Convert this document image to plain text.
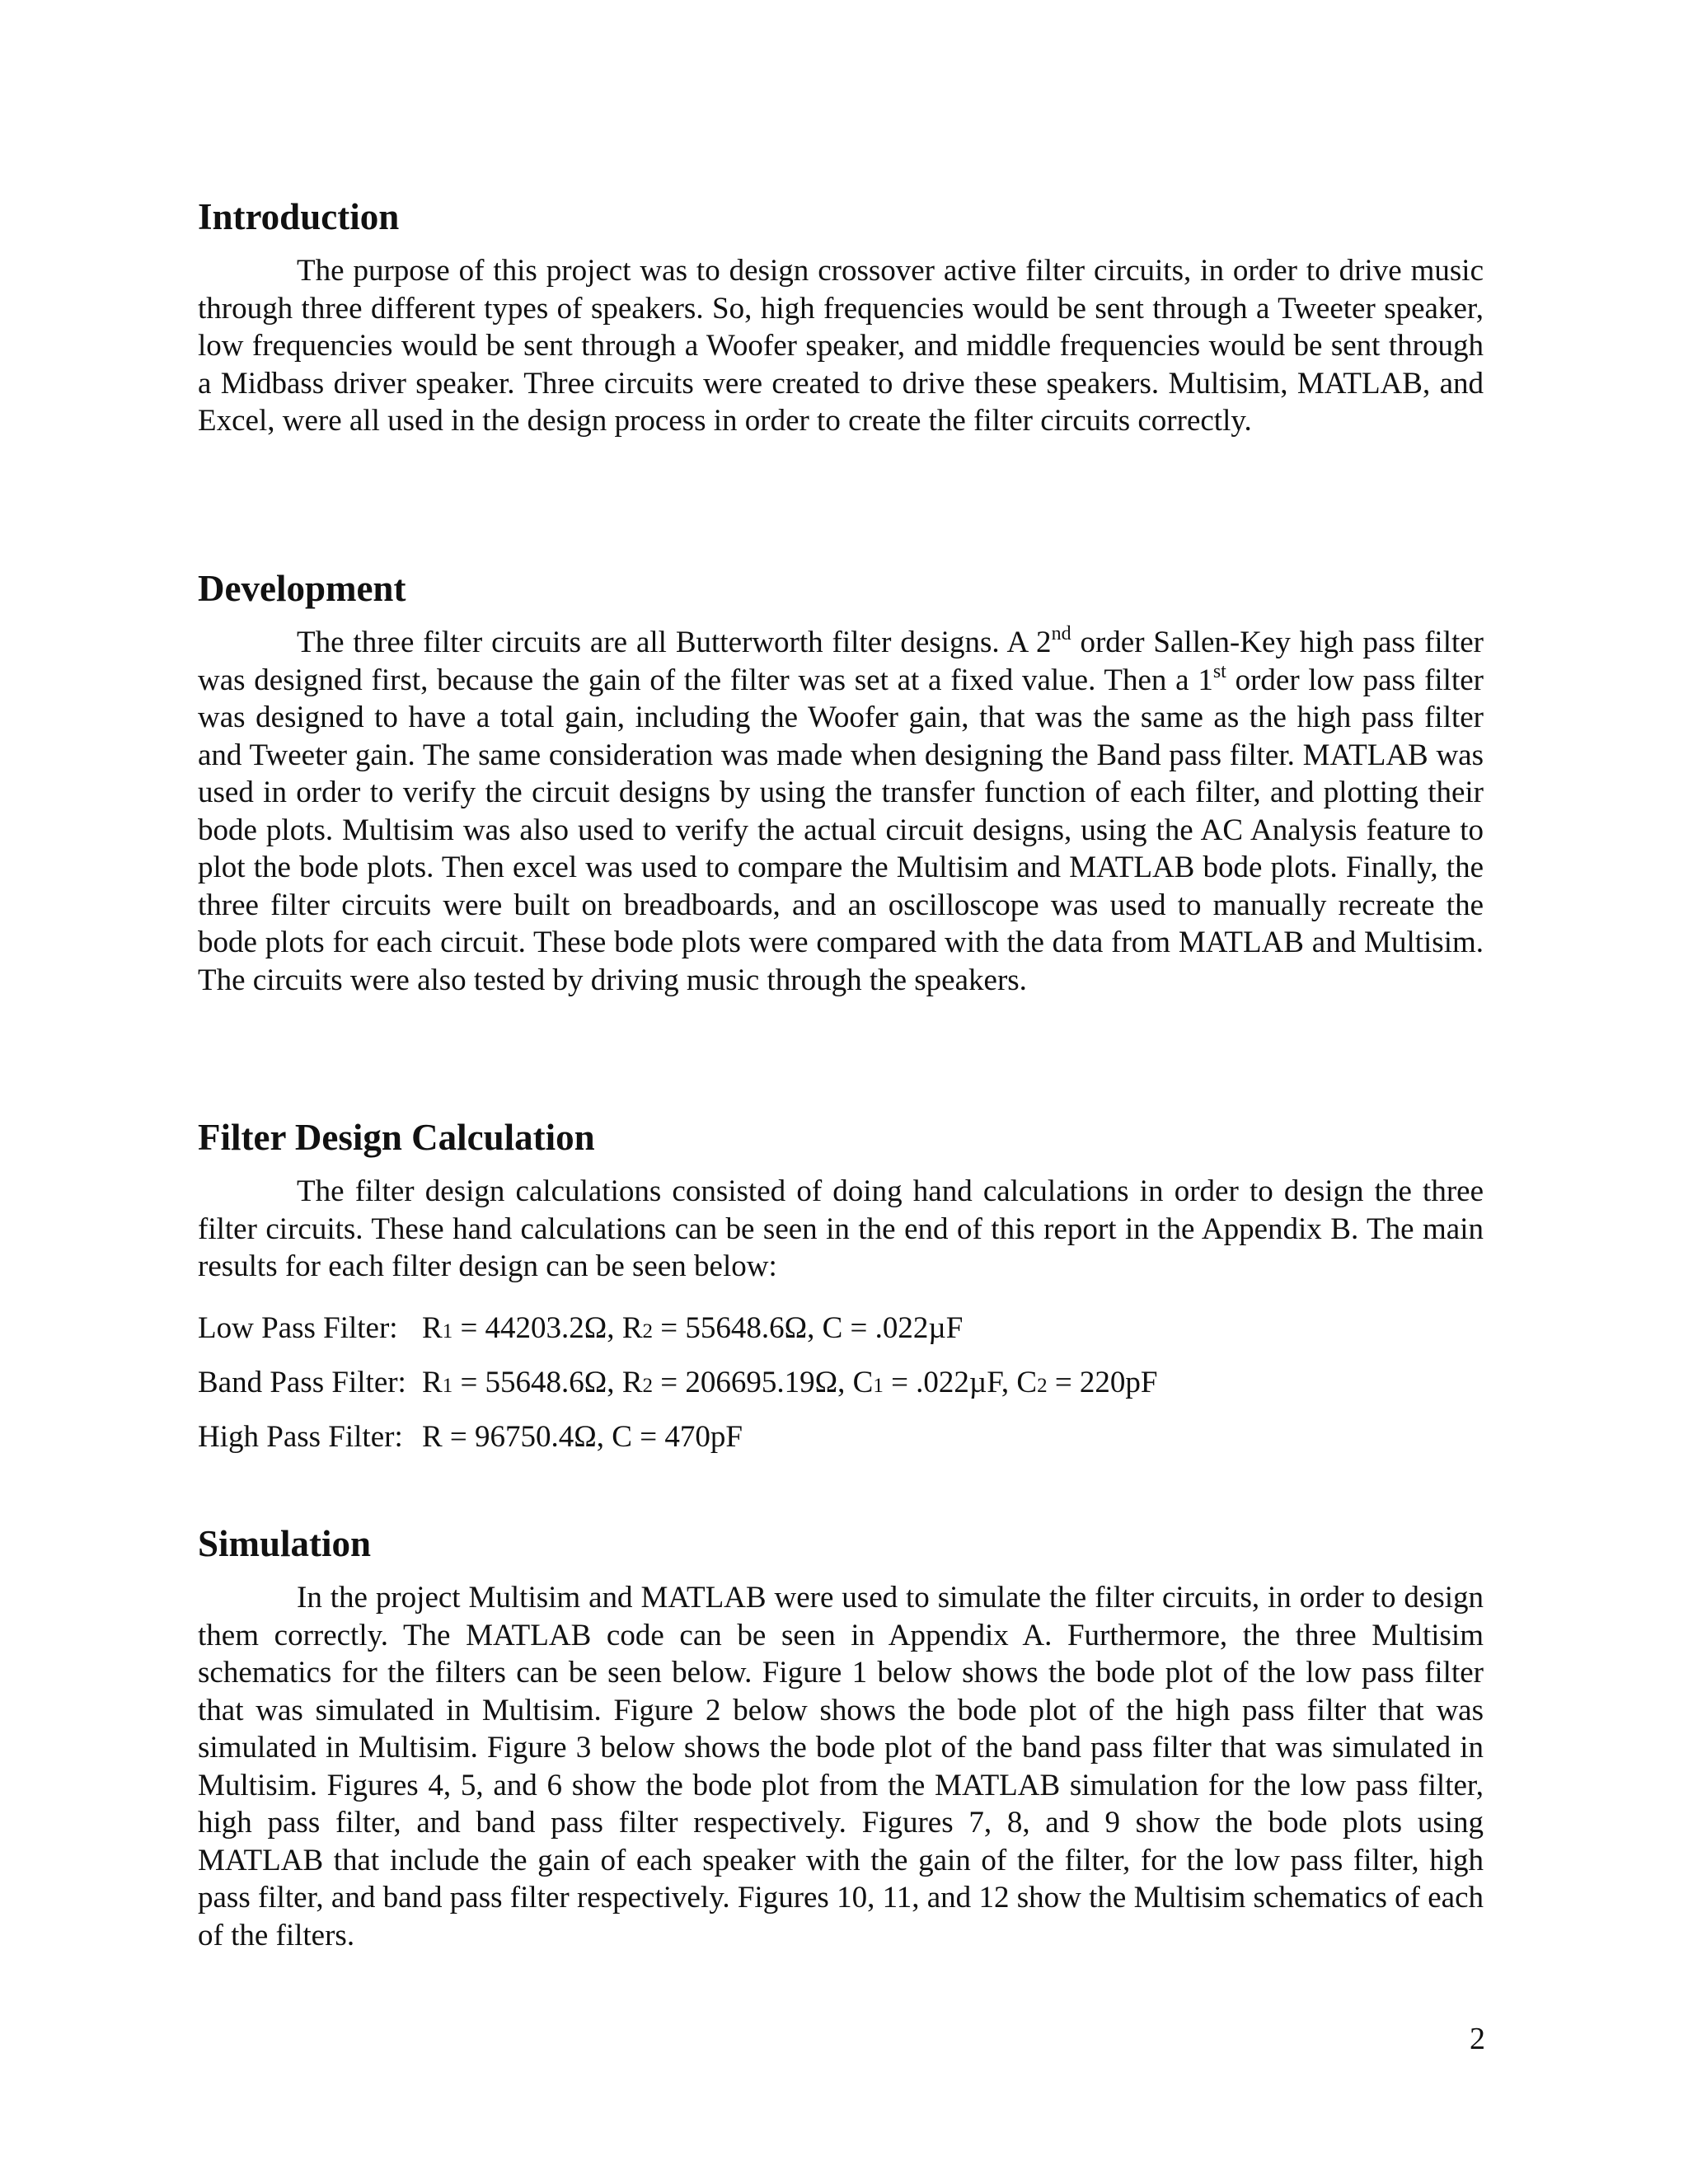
Introduction

The purpose of this project was to design crossover active filter circuits, in order to drive music through three different types of speakers. So, high frequencies would be sent through a Tweeter speaker, low frequencies would be sent through a Woofer speaker, and middle frequencies would be sent through a Midbass driver speaker. Three circuits were created to drive these speakers. Multisim, MATLAB, and Excel, were all used in the design process in order to create the filter circuits correctly.

Development

The three filter circuits are all Butterworth filter designs. A 2nd order Sallen-Key high pass filter was designed first, because the gain of the filter was set at a fixed value. Then a 1st order low pass filter was designed to have a total gain, including the Woofer gain, that was the same as the high pass filter and Tweeter gain. The same consideration was made when designing the Band pass filter. MATLAB was used in order to verify the circuit designs by using the transfer function of each filter, and plotting their bode plots. Multisim was also used to verify the actual circuit designs, using the AC Analysis feature to plot the bode plots. Then excel was used to compare the Multisim and MATLAB bode plots. Finally, the three filter circuits were built on breadboards, and an oscilloscope was used to manually recreate the bode plots for each circuit. These bode plots were compared with the data from MATLAB and Multisim. The circuits were also tested by driving music through the speakers.

Filter Design Calculation

The filter design calculations consisted of doing hand calculations in order to design the three filter circuits. These hand calculations can be seen in the end of this report in the Appendix B. The main results for each filter design can be seen below:

Low Pass Filter: R1 = 44203.2Ω, R2 = 55648.6Ω, C = .022µF
Band Pass Filter: R1 = 55648.6Ω, R2 = 206695.19Ω, C1 = .022µF, C2 = 220pF
High Pass Filter: R = 96750.4Ω, C = 470pF
Simulation

In the project Multisim and MATLAB were used to simulate the filter circuits, in order to design them correctly. The MATLAB code can be seen in Appendix A. Furthermore, the three Multisim schematics for the filters can be seen below. Figure 1 below shows the bode plot of the low pass filter that was simulated in Multisim. Figure 2 below shows the bode plot of the high pass filter that was simulated in Multisim. Figure 3 below shows the bode plot of the band pass filter that was simulated in Multisim. Figures 4, 5, and 6 show the bode plot from the MATLAB simulation for the low pass filter, high pass filter, and band pass filter respectively. Figures 7, 8, and 9 show the bode plots using MATLAB that include the gain of each speaker with the gain of the filter, for the low pass filter, high pass filter, and band pass filter respectively. Figures 10, 11, and 12 show the Multisim schematics of each of the filters.

2
